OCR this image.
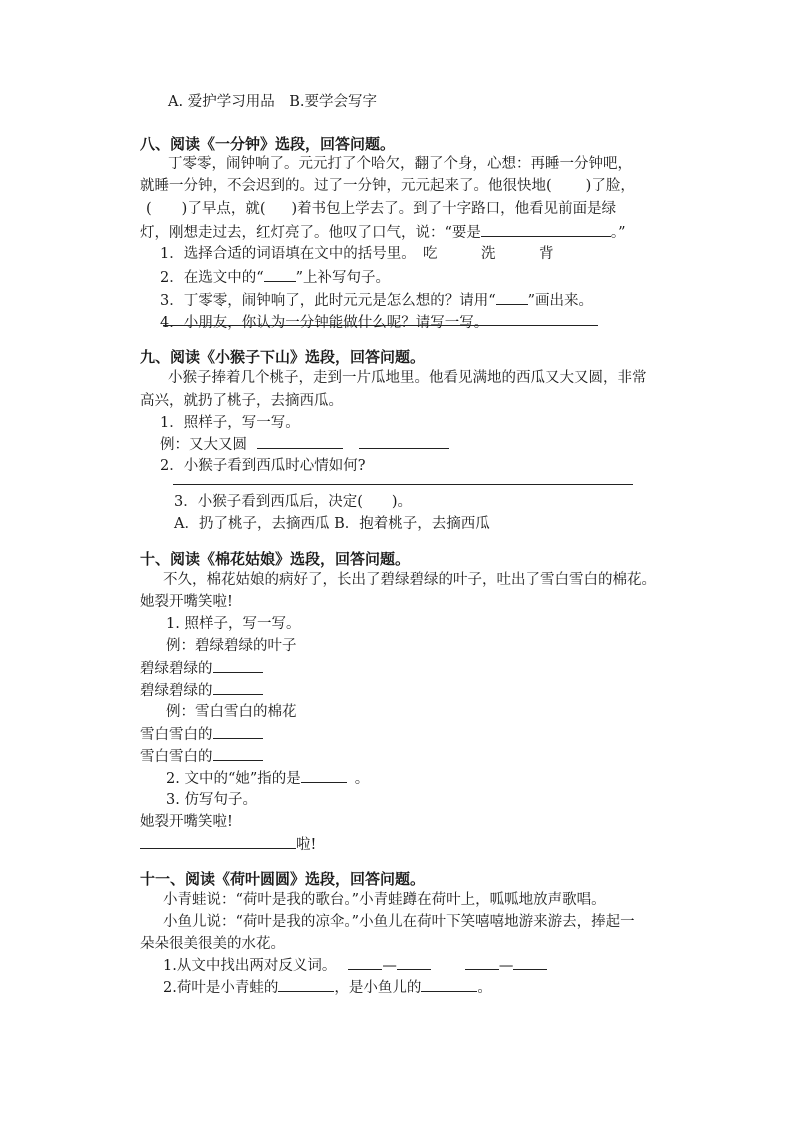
A. 爱护学习用品　B.要学会写字
八、阅读《一分钟》选段，回答问题。
丁零零，闹钟响了。元元打了个哈欠，翻了个身，心想：再睡一分钟吧，
就睡一分钟，不会迟到的。过了一分钟，元元起来了。他很快地( )了脸，
( )了早点，就( )着书包上学去了。到了十字路口，他看见前面是绿
灯，刚想走过去，红灯亮了。他叹了口气，说：“要是	。”
1．选择合适的词语填在文中的括号里。　吃　　　洗　　　背
2．在选文中的“ ”上补写句子。
3．丁零零，闹钟响了，此时元元是怎么想的？请用“ ”画出来。
4．小朋友，你认为一分钟能做什么呢？请写一写。
九、阅读《小猴子下山》选段，回答问题。
小猴子捧着几个桃子，走到一片瓜地里。他看见满地的西瓜又大又圆，非常
高兴，就扔了桃子，去摘西瓜。
1．照样子，写一写。
例：又大又圆
2．小猴子看到西瓜时心情如何?
3．小猴子看到西瓜后，决定(　　)。
A．扔了桃子，去摘西瓜 B．抱着桃子，去摘西瓜
十、阅读《棉花姑娘》选段，回答问题。
不久，棉花姑娘的病好了，长出了碧绿碧绿的叶子，吐出了雪白雪白的棉花。
她裂开嘴笑啦!
1. 照样子，写一写。
例：碧绿碧绿的叶子
碧绿碧绿的
碧绿碧绿的
例：雪白雪白的棉花
雪白雪白的
雪白雪白的
2. 文中的“她”指的是	。
3. 仿写句子。
她裂开嘴笑啦!
啦!
十一、阅读《荷叶圆圆》选段，回答问题。
小青蛙说：“荷叶是我的歌台。”小青蛙蹲在荷叶上，呱呱地放声歌唱。
小鱼儿说：“荷叶是我的凉伞。”小鱼儿在荷叶下笑嘻嘻地游来游去，捧起一
朵朵很美很美的水花。
1.从文中找出两对反义词。	—	—
2.荷叶是小青蛙的	，是小鱼儿的	。
